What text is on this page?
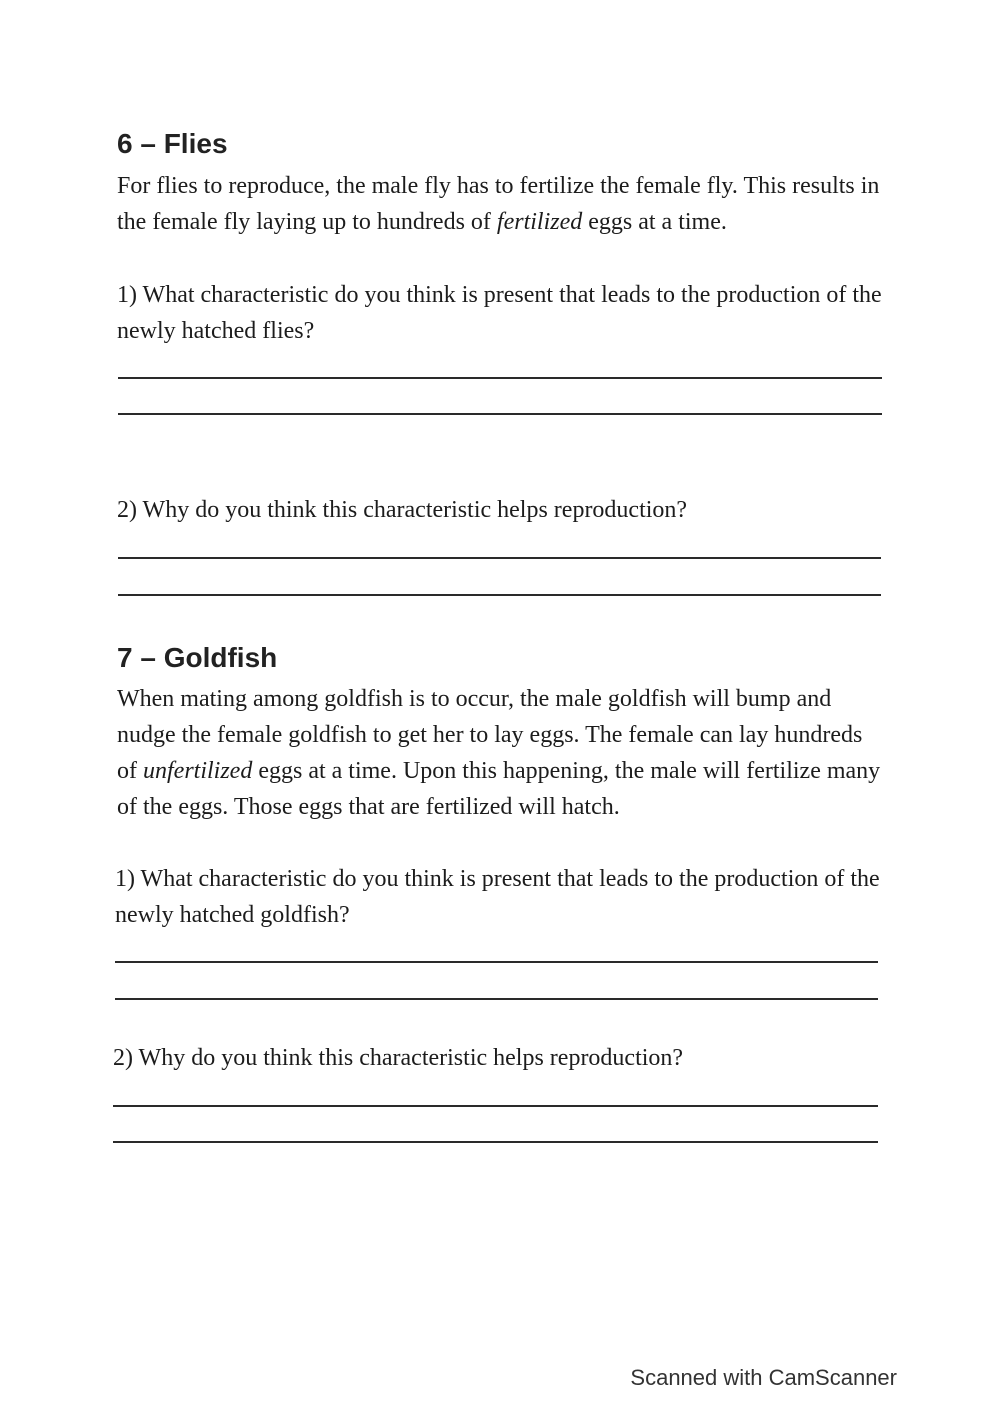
6 – Flies

For flies to reproduce, the male fly has to fertilize the female fly. This results in the female fly laying up to hundreds of fertilized eggs at a time.

1) What characteristic do you think is present that leads to the production of the newly hatched flies?

2) Why do you think this characteristic helps reproduction?

7 – Goldfish

When mating among goldfish is to occur, the male goldfish will bump and nudge the female goldfish to get her to lay eggs. The female can lay hundreds of unfertilized eggs at a time. Upon this happening, the male will fertilize many of the eggs. Those eggs that are fertilized will hatch.

1) What characteristic do you think is present that leads to the production of the newly hatched goldfish?

2) Why do you think this characteristic helps reproduction?

Scanned with CamScanner
